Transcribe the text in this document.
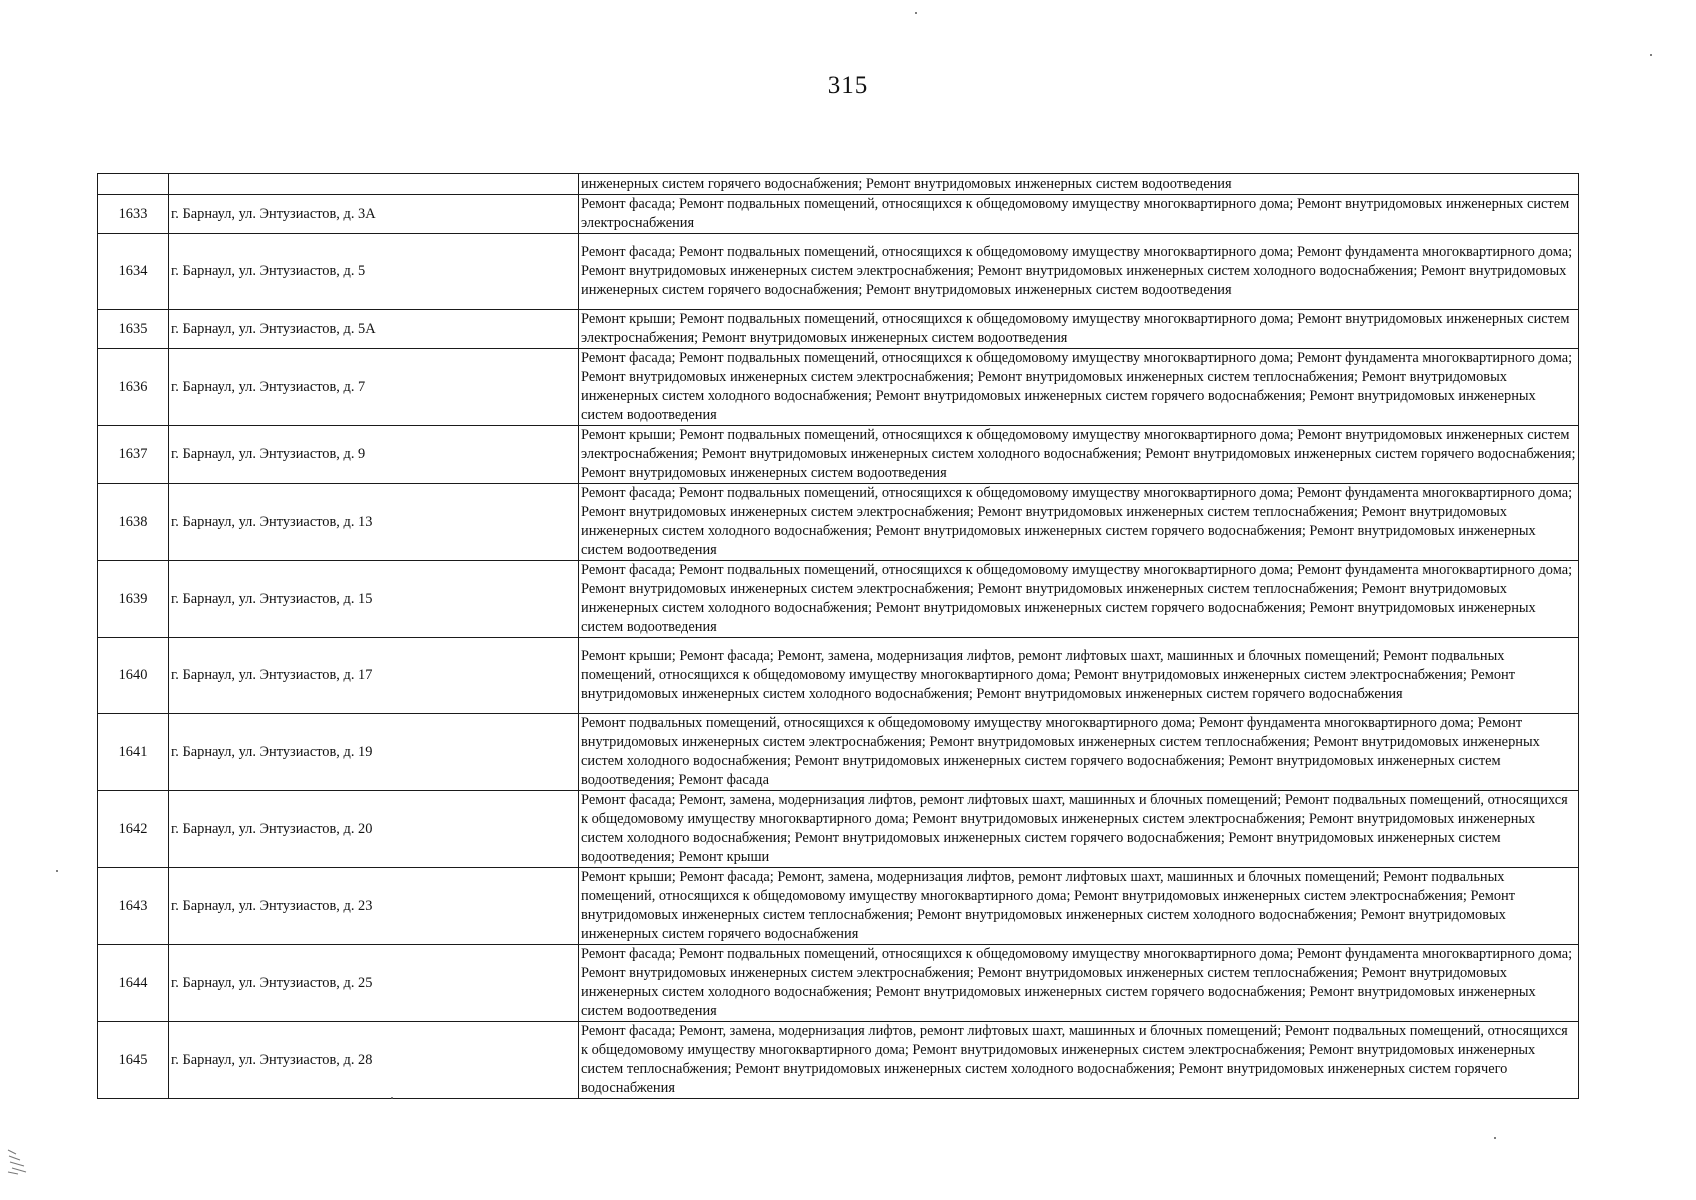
315
		инженерных систем горячего водоснабжения; Ремонт внутридомовых инженерных систем водоотведения
1633	г. Барнаул, ул. Энтузиастов, д. 3А	Ремонт фасада; Ремонт подвальных помещений, относящихся к общедомовому имуществу многоквартирного дома; Ремонт внутридомовых инженерных систем электроснабжения
1634	г. Барнаул, ул. Энтузиастов, д. 5	Ремонт фасада; Ремонт подвальных помещений, относящихся к общедомовому имуществу многоквартирного дома; Ремонт фундамента многоквартирного дома; Ремонт внутридомовых инженерных систем электроснабжения; Ремонт внутридомовых инженерных систем холодного водоснабжения; Ремонт внутридомовых инженерных систем горячего водоснабжения; Ремонт внутридомовых инженерных систем водоотведения
1635	г. Барнаул, ул. Энтузиастов, д. 5А	Ремонт крыши; Ремонт подвальных помещений, относящихся к общедомовому имуществу многоквартирного дома; Ремонт внутридомовых инженерных систем электроснабжения; Ремонт внутридомовых инженерных систем водоотведения
1636	г. Барнаул, ул. Энтузиастов, д. 7	Ремонт фасада; Ремонт подвальных помещений, относящихся к общедомовому имуществу многоквартирного дома; Ремонт фундамента многоквартирного дома; Ремонт внутридомовых инженерных систем электроснабжения; Ремонт внутридомовых инженерных систем теплоснабжения; Ремонт внутридомовых инженерных систем холодного водоснабжения; Ремонт внутридомовых инженерных систем горячего водоснабжения; Ремонт внутридомовых инженерных систем водоотведения
1637	г. Барнаул, ул. Энтузиастов, д. 9	Ремонт крыши; Ремонт подвальных помещений, относящихся к общедомовому имуществу многоквартирного дома; Ремонт внутридомовых инженерных систем электроснабжения; Ремонт внутридомовых инженерных систем холодного водоснабжения; Ремонт внутридомовых инженерных систем горячего водоснабжения; Ремонт внутридомовых инженерных систем водоотведения
1638	г. Барнаул, ул. Энтузиастов, д. 13	Ремонт фасада; Ремонт подвальных помещений, относящихся к общедомовому имуществу многоквартирного дома; Ремонт фундамента многоквартирного дома; Ремонт внутридомовых инженерных систем электроснабжения; Ремонт внутридомовых инженерных систем теплоснабжения; Ремонт внутридомовых инженерных систем холодного водоснабжения; Ремонт внутридомовых инженерных систем горячего водоснабжения; Ремонт внутридомовых инженерных систем водоотведения
1639	г. Барнаул, ул. Энтузиастов, д. 15	Ремонт фасада; Ремонт подвальных помещений, относящихся к общедомовому имуществу многоквартирного дома; Ремонт фундамента многоквартирного дома; Ремонт внутридомовых инженерных систем электроснабжения; Ремонт внутридомовых инженерных систем теплоснабжения; Ремонт внутридомовых инженерных систем холодного водоснабжения; Ремонт внутридомовых инженерных систем горячего водоснабжения; Ремонт внутридомовых инженерных систем водоотведения
1640	г. Барнаул, ул. Энтузиастов, д. 17	Ремонт крыши; Ремонт фасада; Ремонт, замена, модернизация лифтов, ремонт лифтовых шахт, машинных и блочных помещений; Ремонт подвальных помещений, относящихся к общедомовому имуществу многоквартирного дома; Ремонт внутридомовых инженерных систем электроснабжения; Ремонт внутридомовых инженерных систем холодного водоснабжения; Ремонт внутридомовых инженерных систем горячего водоснабжения
1641	г. Барнаул, ул. Энтузиастов, д. 19	Ремонт подвальных помещений, относящихся к общедомовому имуществу многоквартирного дома; Ремонт фундамента многоквартирного дома; Ремонт внутридомовых инженерных систем электроснабжения; Ремонт внутридомовых инженерных систем теплоснабжения; Ремонт внутридомовых инженерных систем холодного водоснабжения; Ремонт внутридомовых инженерных систем горячего водоснабжения; Ремонт внутридомовых инженерных систем водоотведения; Ремонт фасада
1642	г. Барнаул, ул. Энтузиастов, д. 20	Ремонт фасада; Ремонт, замена, модернизация лифтов, ремонт лифтовых шахт, машинных и блочных помещений; Ремонт подвальных помещений, относящихся к общедомовому имуществу многоквартирного дома; Ремонт внутридомовых инженерных систем электроснабжения; Ремонт внутридомовых инженерных систем холодного водоснабжения; Ремонт внутридомовых инженерных систем горячего водоснабжения; Ремонт внутридомовых инженерных систем водоотведения; Ремонт крыши
1643	г. Барнаул, ул. Энтузиастов, д. 23	Ремонт крыши; Ремонт фасада; Ремонт, замена, модернизация лифтов, ремонт лифтовых шахт, машинных и блочных помещений; Ремонт подвальных помещений, относящихся к общедомовому имуществу многоквартирного дома; Ремонт внутридомовых инженерных систем электроснабжения; Ремонт внутридомовых инженерных систем теплоснабжения; Ремонт внутридомовых инженерных систем холодного водоснабжения; Ремонт внутридомовых инженерных систем горячего водоснабжения
1644	г. Барнаул, ул. Энтузиастов, д. 25	Ремонт фасада; Ремонт подвальных помещений, относящихся к общедомовому имуществу многоквартирного дома; Ремонт фундамента многоквартирного дома; Ремонт внутридомовых инженерных систем электроснабжения; Ремонт внутридомовых инженерных систем теплоснабжения; Ремонт внутридомовых инженерных систем холодного водоснабжения; Ремонт внутридомовых инженерных систем горячего водоснабжения; Ремонт внутридомовых инженерных систем водоотведения
1645	г. Барнаул, ул. Энтузиастов, д. 28	Ремонт фасада; Ремонт, замена, модернизация лифтов, ремонт лифтовых шахт, машинных и блочных помещений; Ремонт подвальных помещений, относящихся к общедомовому имуществу многоквартирного дома; Ремонт внутридомовых инженерных систем электроснабжения; Ремонт внутридомовых инженерных систем теплоснабжения; Ремонт внутридомовых инженерных систем холодного водоснабжения; Ремонт внутридомовых инженерных систем горячего водоснабжения
